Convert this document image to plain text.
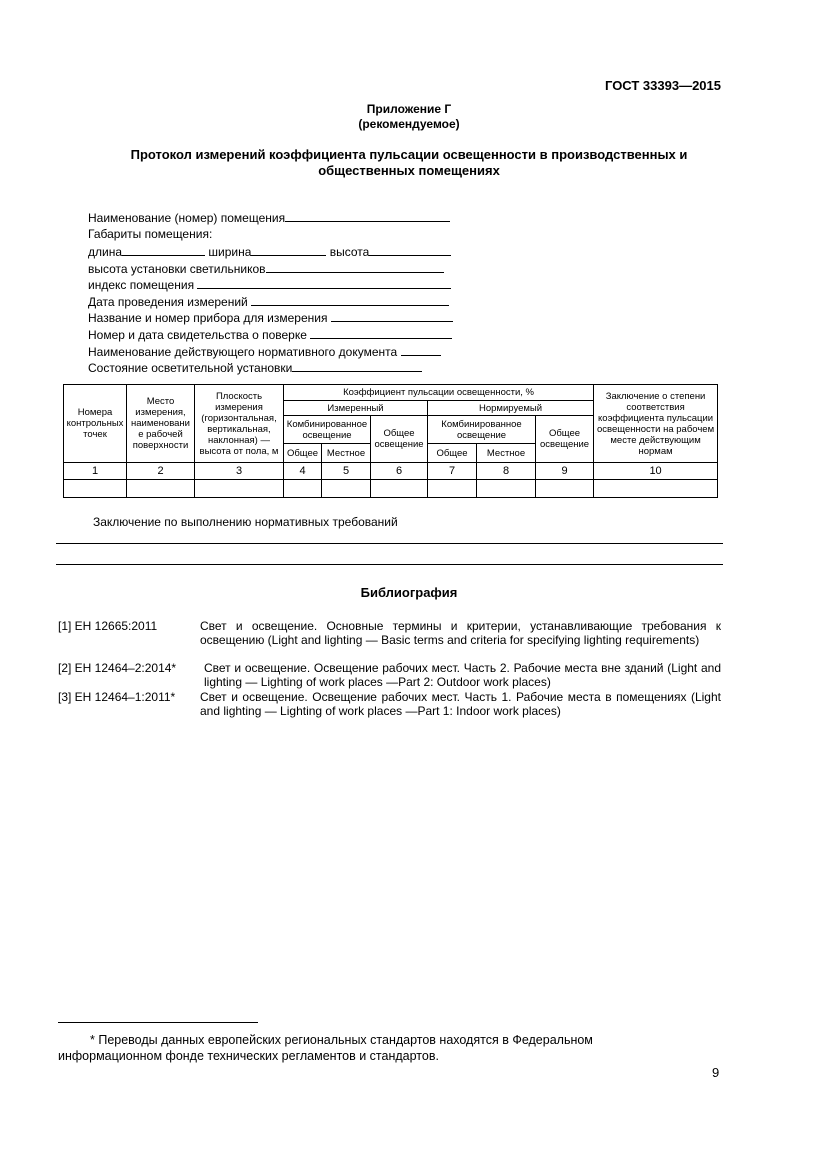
ГОСТ 33393—2015
Приложение Г
(рекомендуемое)
Протокол измерений коэффициента пульсации освещенности в производственных и
общественных помещениях
Наименование (номер) помещения
Габариты помещения:
длина	ширина	высота
высота установки светильников
индекс помещения
Дата проведения измерений
Название и номер прибора для измерения
Номер и дата свидетельства о поверке
Наименование действующего нормативного документа
Состояние осветительной установки
Номера контрольных точек	Место измерения, наименовани е рабочей поверхности	Плоскость измерения (горизонтальная, вертикальная, наклонная) — высота от пола, м	Коэффициент пульсации освещенности, %						Заключение о степени соответствия коэффициента пульсации освещенности на рабочем месте действующим нормам
			Измеренный			Нормируемый			
			Комбинированное освещение		Общее освещение	Комбинированное освещение		Общее освещение	
			Общее	Местное		Общее	Местное		
1	2	3	4	5	6	7	8	9	10

Заключение по выполнению нормативных требований
Библиография
[1] ЕН 12665:2011	Свет и освещение. Основные термины и критерии, устанавливающие требования к освещению (Light and lighting — Basic terms and criteria for specifying lighting requirements)
[2] ЕН 12464–2:2014* Свет и освещение. Освещение рабочих мест. Часть 2. Рабочие места вне зданий (Light and lighting — Lighting of work places —Part 2: Outdoor work places)
[3] ЕН 12464–1:2011* Свет и освещение. Освещение рабочих мест. Часть 1. Рабочие места в помещениях (Light and lighting — Lighting of work places —Part 1: Indoor work places)
* Переводы данных европейских региональных стандартов находятся в Федеральном информационном фонде технических регламентов и стандартов.
9
